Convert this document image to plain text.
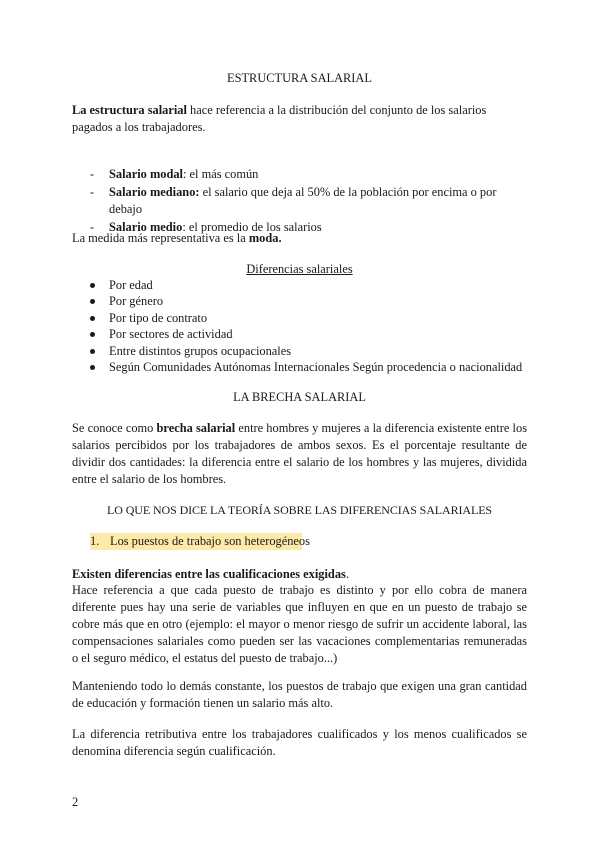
ESTRUCTURA SALARIAL

La estructura salarial hace referencia a la distribución del conjunto de los salarios pagados a los trabajadores.

- Salario modal: el más común
- Salario mediano: el salario que deja al 50% de la población por encima o por debajo
- Salario medio: el promedio de los salarios

La medida más representativa es la moda.

Diferencias salariales

Por edad
Por género
Por tipo de contrato
Por sectores de actividad
Entre distintos grupos ocupacionales
Según Comunidades Autónomas Internacionales Según procedencia o nacionalidad

LA BRECHA SALARIAL

Se conoce como brecha salarial entre hombres y mujeres a la diferencia existente entre los salarios percibidos por los trabajadores de ambos sexos. Es el porcentaje resultante de dividir dos cantidades: la diferencia entre el salario de los hombres y las mujeres, dividida entre el salario de los hombres.

LO QUE NOS DICE LA TEORÍA SOBRE LAS DIFERENCIAS SALARIALES

1. Los puestos de trabajo son heterogéneos

Existen diferencias entre las cualificaciones exigidas.

Hace referencia a que cada puesto de trabajo es distinto y por ello cobra de manera diferente pues hay una serie de variables que influyen en que en un puesto de trabajo se cobre más que en otro (ejemplo: el mayor o menor riesgo de sufrir un accidente laboral, las compensaciones salariales como pueden ser las vacaciones complementarias remuneradas o el seguro médico, el estatus del puesto de trabajo...)

Manteniendo todo lo demás constante, los puestos de trabajo que exigen una gran cantidad de educación y formación tienen un salario más alto.

La diferencia retributiva entre los trabajadores cualificados y los menos cualificados se denomina diferencia según cualificación.

2
